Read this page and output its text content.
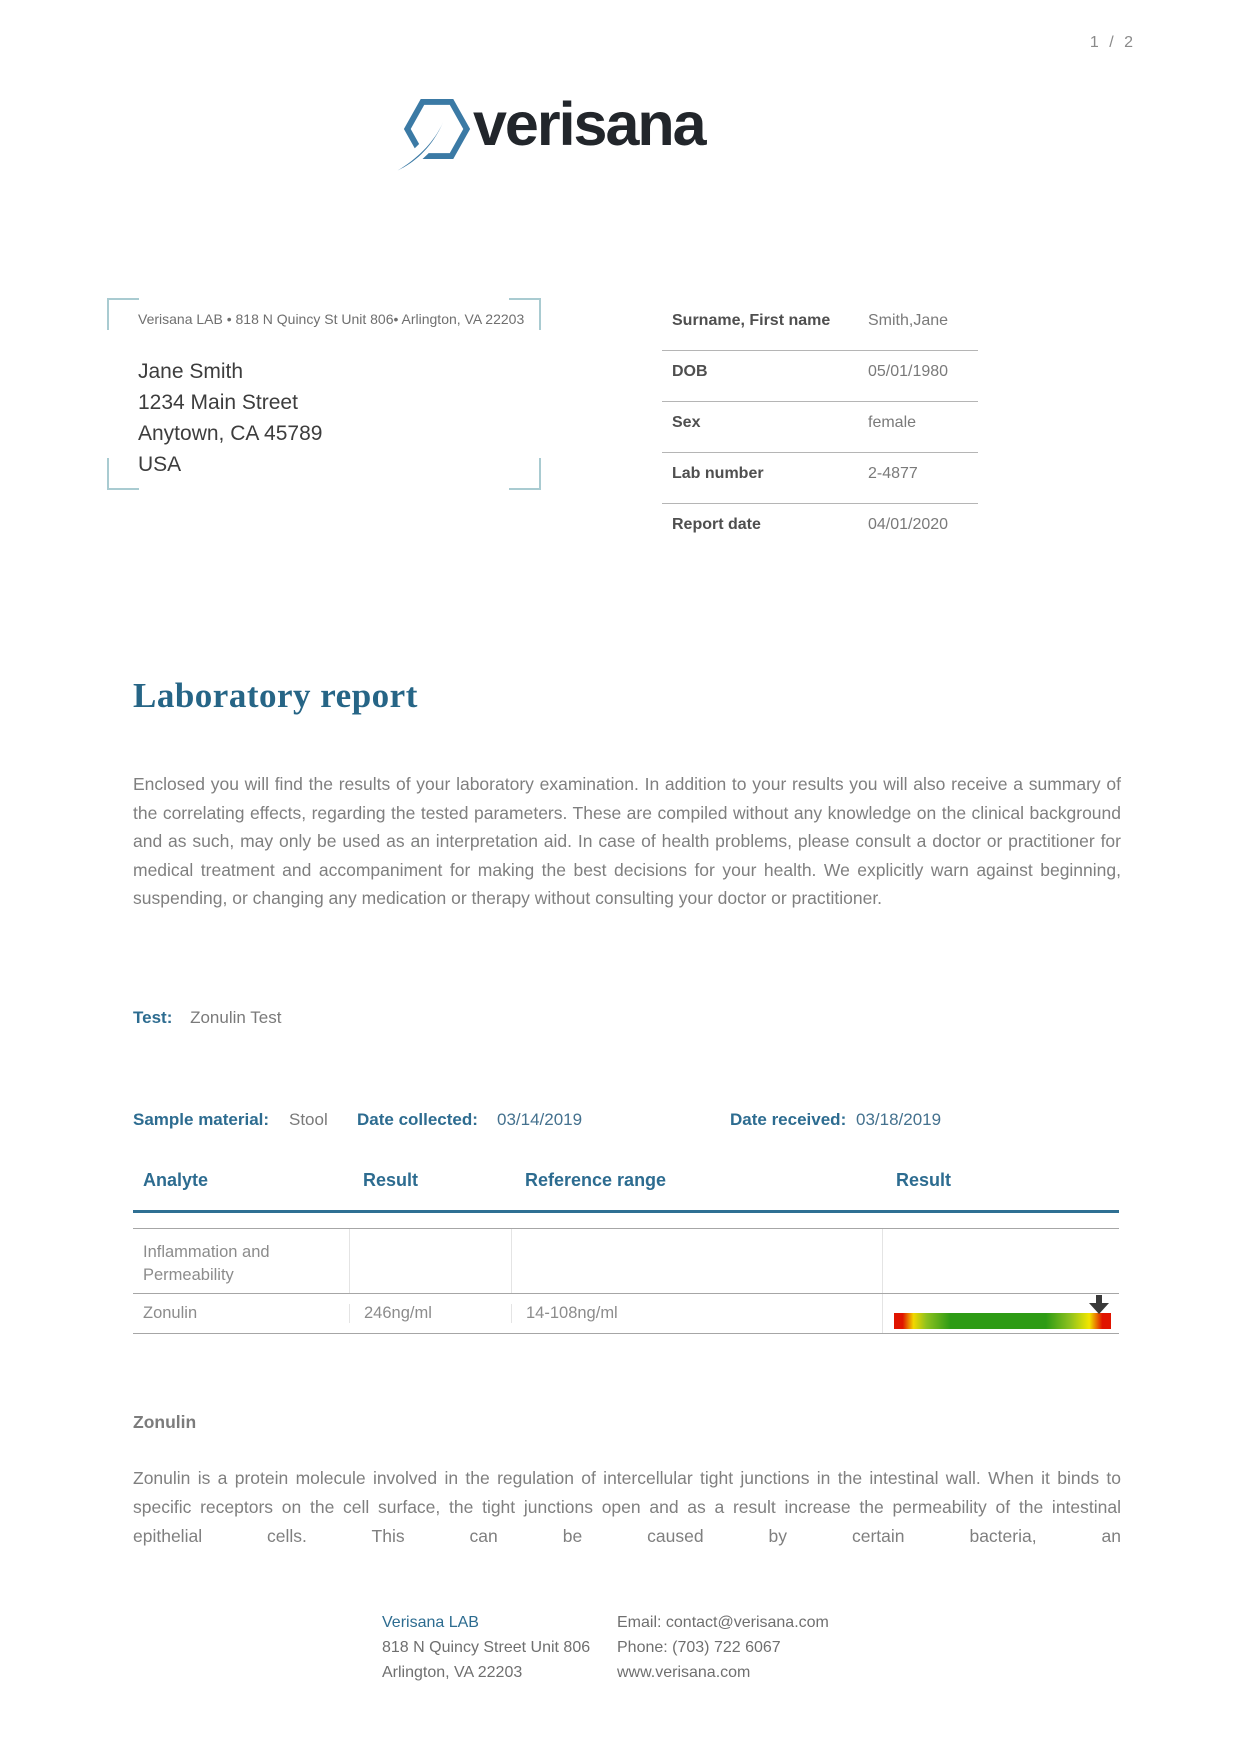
1 / 2
verisana
Verisana LAB • 818 N Quincy St Unit 806• Arlington, VA 22203
Jane Smith
1234 Main Street
Anytown, CA 45789
USA
Surname, First name	Smith,Jane
DOB	05/01/1980
Sex	female
Lab number	2-4877
Report date	04/01/2020
Laboratory report
Enclosed you will find the results of your laboratory examination. In addition to your results you will also receive a summary of the correlating effects, regarding the tested parameters. These are compiled without any knowledge on the clinical background and as such, may only be used as an interpretation aid. In case of health problems, please consult a doctor or practitioner for medical treatment and accompaniment for making the best decisions for your health. We explicitly warn against beginning, suspending, or changing any medication or therapy without consulting your doctor or practitioner.
Test: Zonulin Test
Sample material: Stool Date collected: 03/14/2019	Date received: 03/18/2019
Analyte	Result	Reference range	Result
Inflammation and Permeability
Zonulin	246ng/ml	14-108ng/ml
Zonulin
Zonulin is a protein molecule involved in the regulation of intercellular tight junctions in the intestinal wall. When it binds to specific receptors on the cell surface, the tight junctions open and as a result increase the permeability of the intestinal epithelial cells. This can be caused by certain bacteria, an
Verisana LAB
818 N Quincy Street Unit 806
Arlington, VA 22203
Email: contact@verisana.com
Phone: (703) 722 6067
www.verisana.com
